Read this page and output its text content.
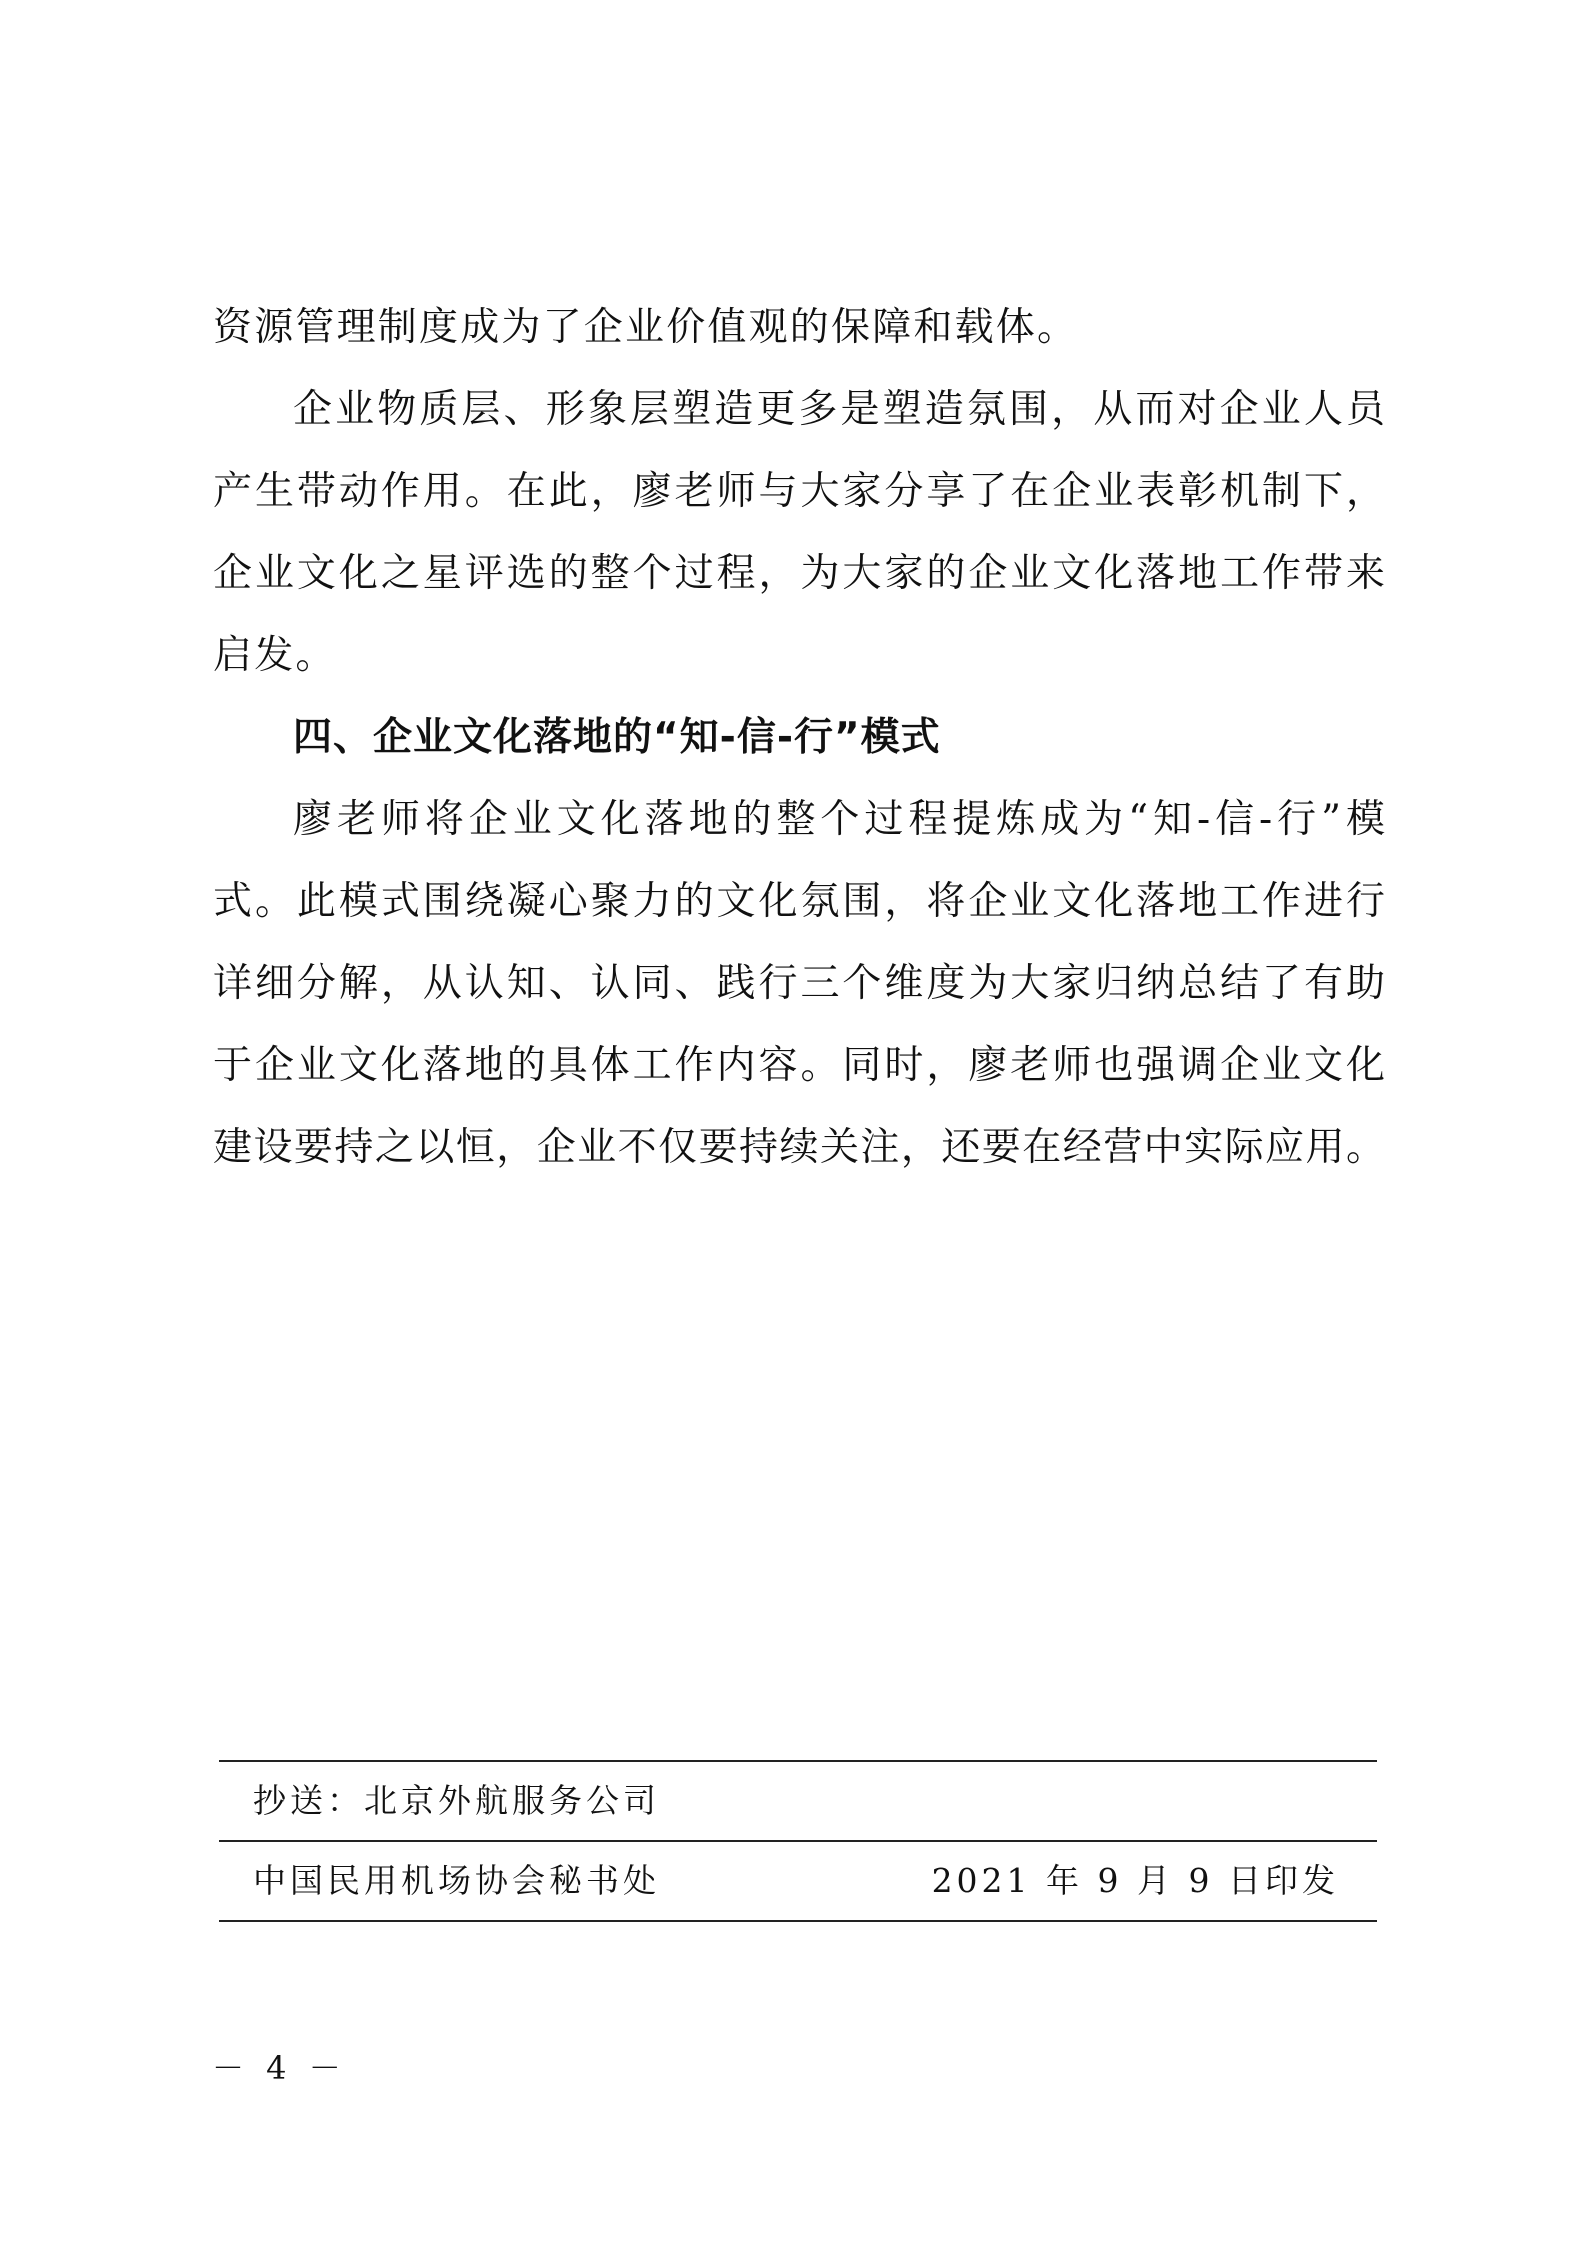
资源管理制度成为了企业价值观的保障和载体。
企业物质层、形象层塑造更多是塑造氛围，从而对企业人员
产生带动作用。在此，廖老师与大家分享了在企业表彰机制下，
企业文化之星评选的整个过程，为大家的企业文化落地工作带来
启发。
四、企业文化落地的“知-信-行”模式
廖老师将企业文化落地的整个过程提炼成为“知-信-行”模
式。此模式围绕凝心聚力的文化氛围，将企业文化落地工作进行
详细分解，从认知、认同、践行三个维度为大家归纳总结了有助
于企业文化落地的具体工作内容。同时，廖老师也强调企业文化
建设要持之以恒，企业不仅要持续关注，还要在经营中实际应用。
抄送：北京外航服务公司
中国民用机场协会秘书处	2021 年 9 月 9 日印发
－ 4 －
